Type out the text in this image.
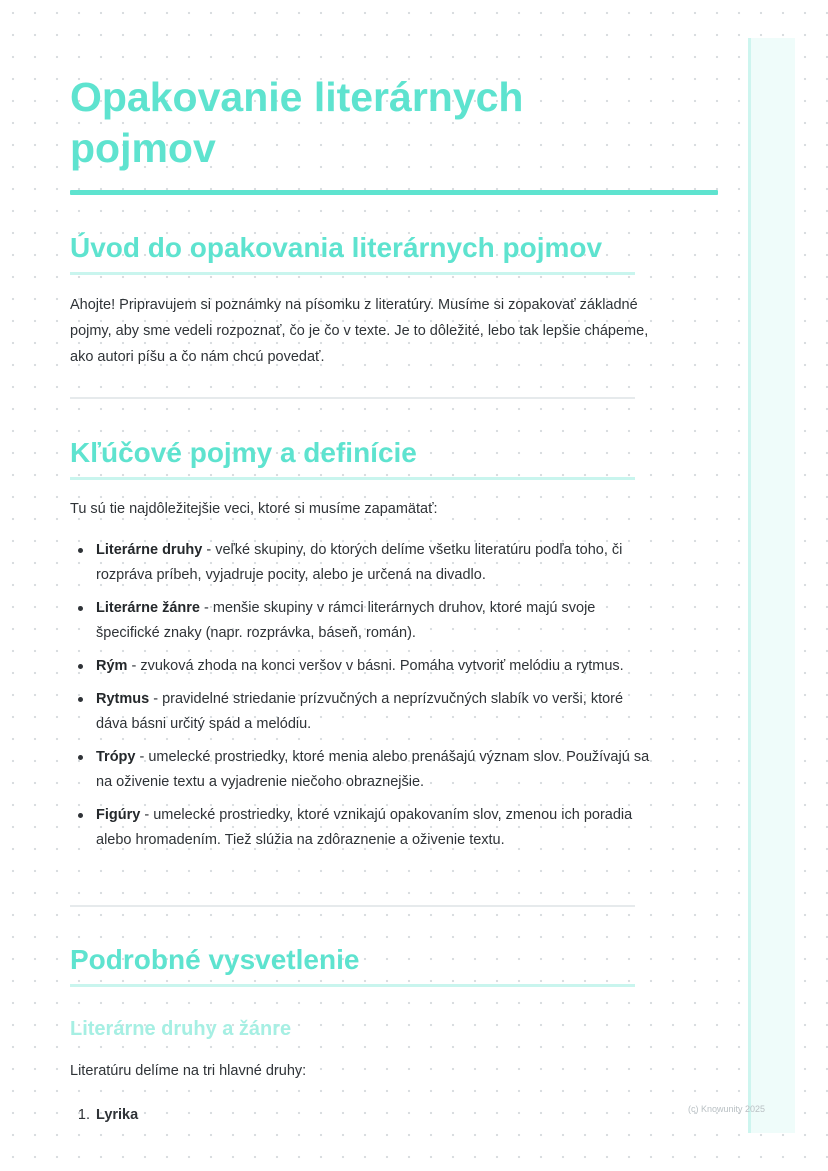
Opakovanie literárnych pojmov
Úvod do opakovania literárnych pojmov

Ahojte! Pripravujem si poznámky na písomku z literatúry. Musíme si zopakovať základné pojmy, aby sme vedeli rozpoznať, čo je čo v texte. Je to dôležité, lebo tak lepšie chápeme, ako autori píšu a čo nám chcú povedať.

Kľúčové pojmy a definície

Tu sú tie najdôležitejšie veci, ktoré si musíme zapamätať:

Literárne druhy - veľké skupiny, do ktorých delíme všetku literatúru podľa toho, či rozpráva príbeh, vyjadruje pocity, alebo je určená na divadlo.
Literárne žánre - menšie skupiny v rámci literárnych druhov, ktoré majú svoje špecifické znaky (napr. rozprávka, báseň, román).
Rým - zvuková zhoda na konci veršov v básni. Pomáha vytvoriť melódiu a rytmus.
Rytmus - pravidelné striedanie prízvučných a neprízvučných slabík vo verši, ktoré dáva básni určitý spád a melódiu.
Trópy - umelecké prostriedky, ktoré menia alebo prenášajú význam slov. Používajú sa na oživenie textu a vyjadrenie niečoho obraznejšie.
Figúry - umelecké prostriedky, ktoré vznikajú opakovaním slov, zmenou ich poradia alebo hromadením. Tiež slúžia na zdôraznenie a oživenie textu.
Podrobné vysvetlenie
Literárne druhy a žánre

Literatúru delíme na tri hlavné druhy:

1. Lyrika	(c) Knowunity 2025
